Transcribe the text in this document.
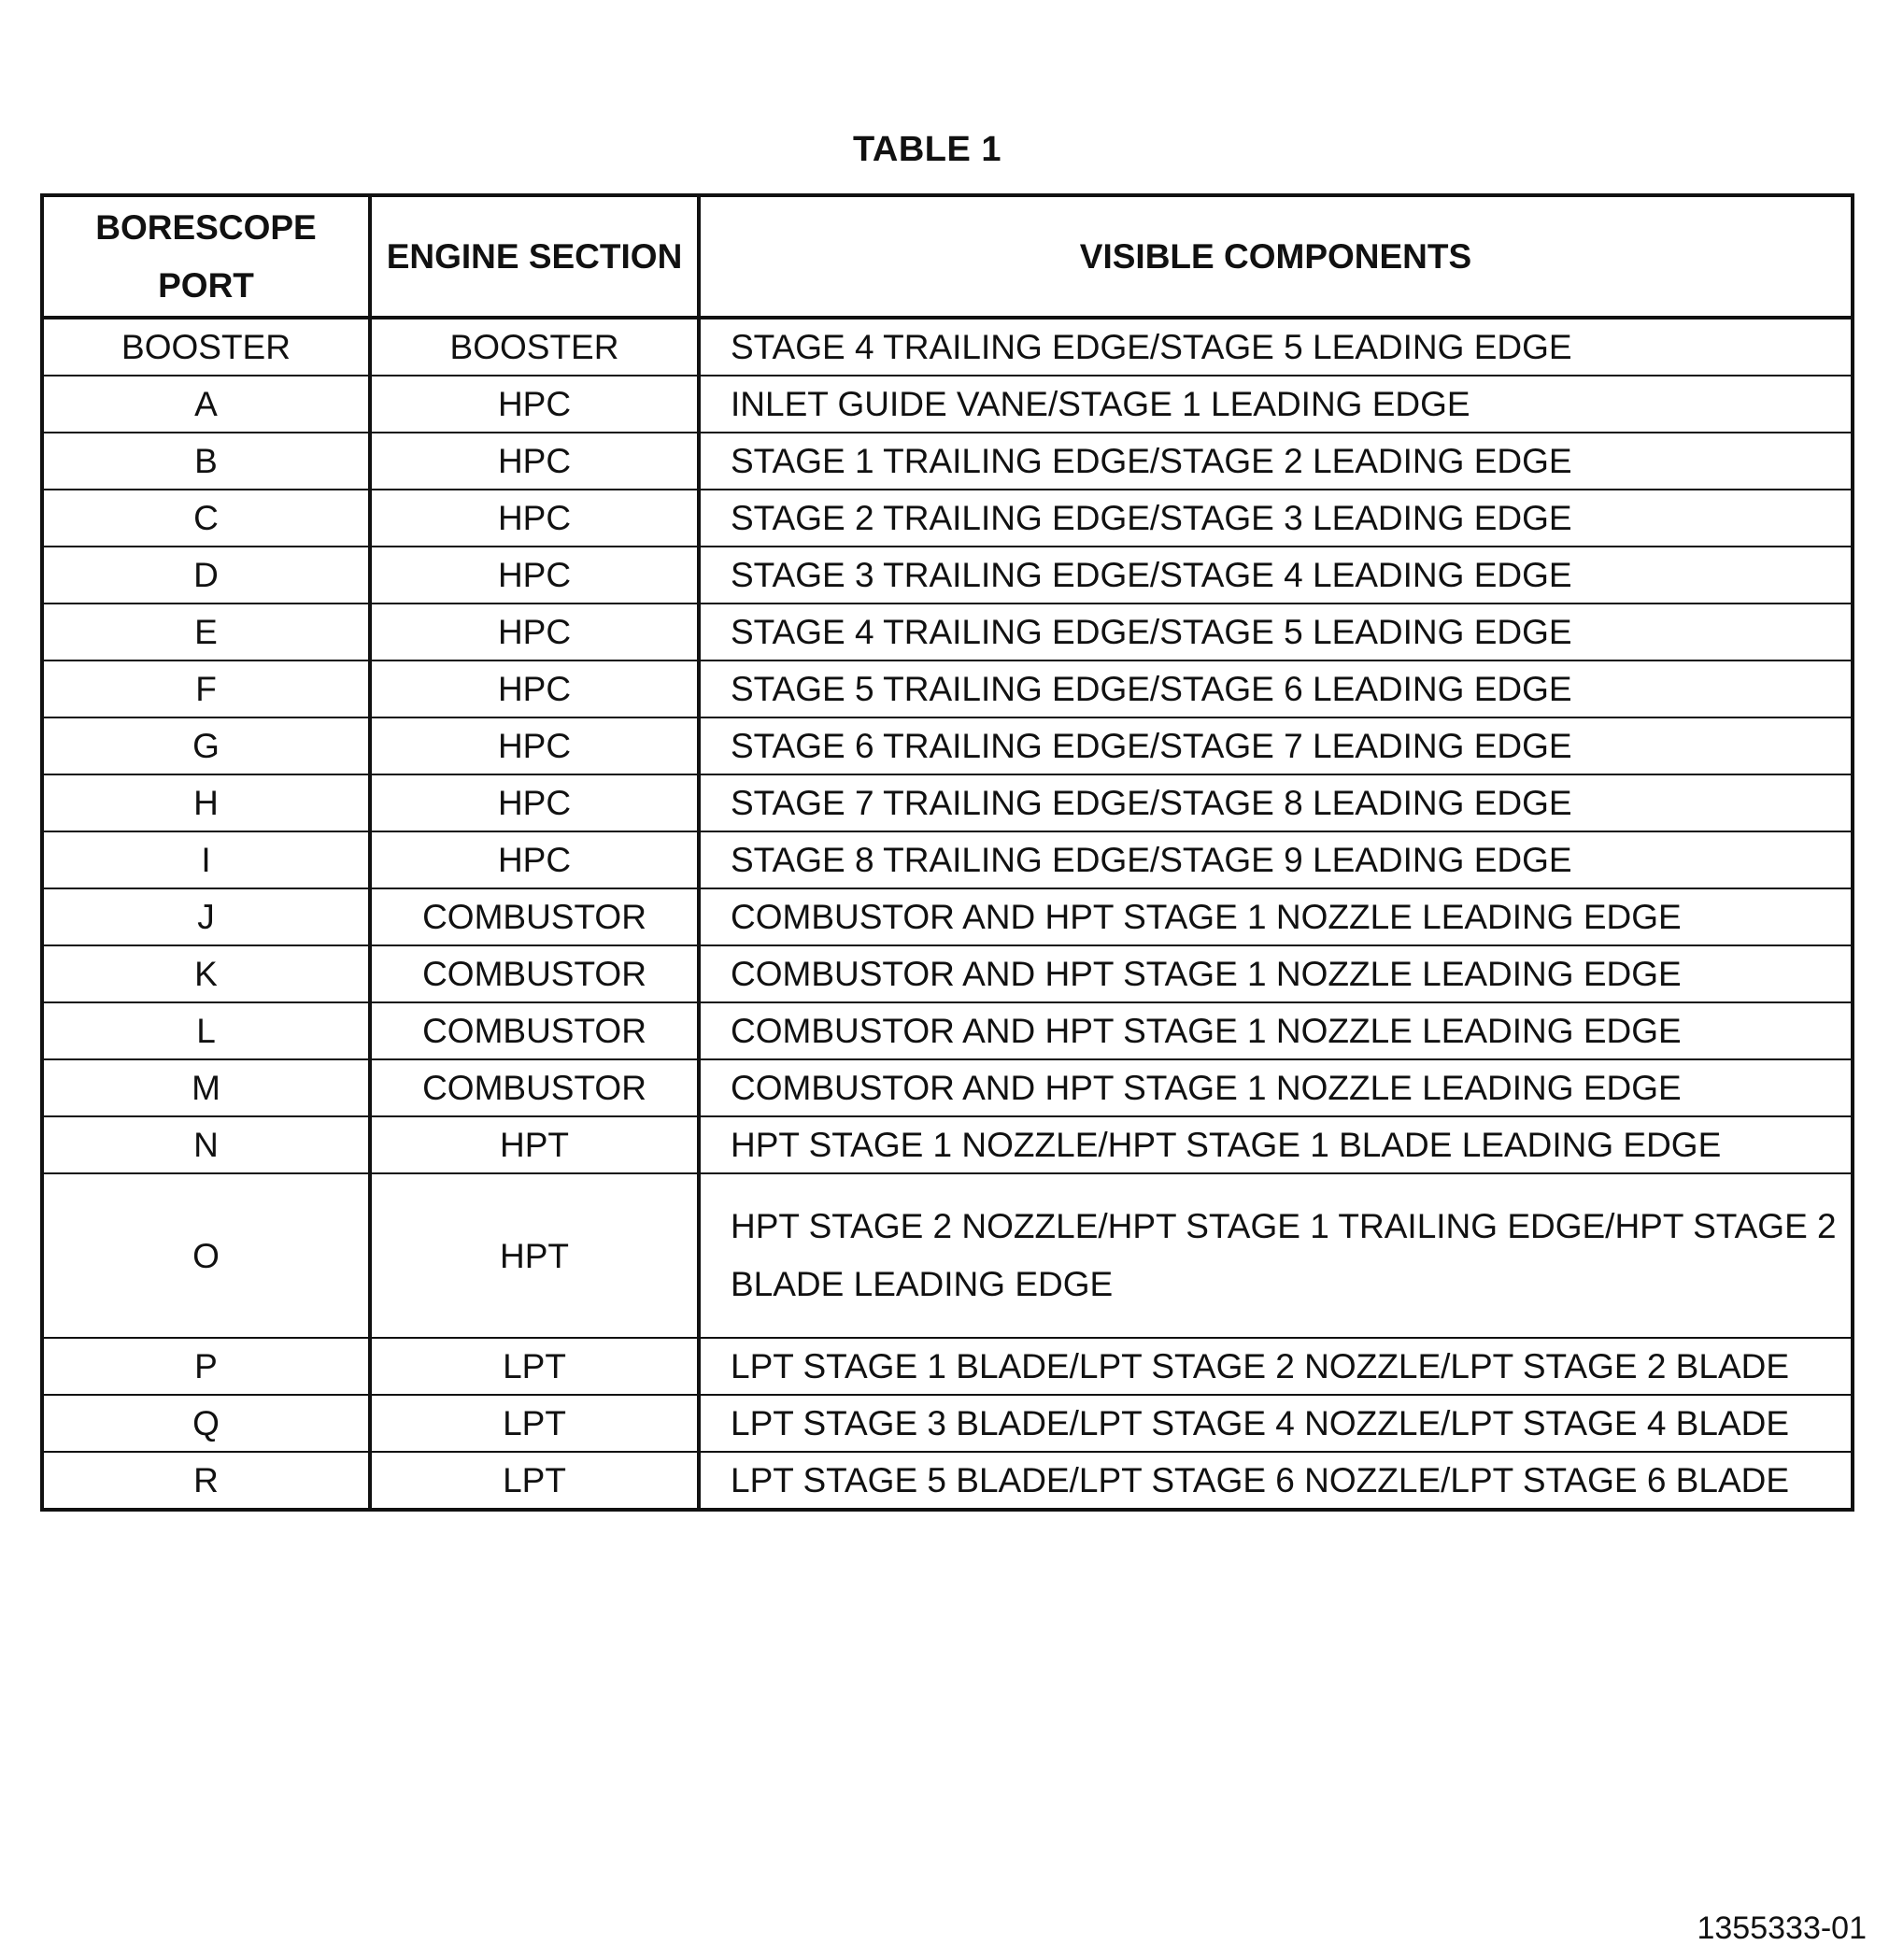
TABLE 1
BORESCOPE PORT	ENGINE SECTION	VISIBLE COMPONENTS
BOOSTER	BOOSTER	STAGE 4 TRAILING EDGE/STAGE 5 LEADING EDGE
A	HPC	INLET GUIDE VANE/STAGE 1 LEADING EDGE
B	HPC	STAGE 1 TRAILING EDGE/STAGE 2 LEADING EDGE
C	HPC	STAGE 2 TRAILING EDGE/STAGE 3 LEADING EDGE
D	HPC	STAGE 3 TRAILING EDGE/STAGE 4 LEADING EDGE
E	HPC	STAGE 4 TRAILING EDGE/STAGE 5 LEADING EDGE
F	HPC	STAGE 5 TRAILING EDGE/STAGE 6 LEADING EDGE
G	HPC	STAGE 6 TRAILING EDGE/STAGE 7 LEADING EDGE
H	HPC	STAGE 7 TRAILING EDGE/STAGE 8 LEADING EDGE
I	HPC	STAGE 8 TRAILING EDGE/STAGE 9 LEADING EDGE
J	COMBUSTOR	COMBUSTOR AND HPT STAGE 1 NOZZLE LEADING EDGE
K	COMBUSTOR	COMBUSTOR AND HPT STAGE 1 NOZZLE LEADING EDGE
L	COMBUSTOR	COMBUSTOR AND HPT STAGE 1 NOZZLE LEADING EDGE
M	COMBUSTOR	COMBUSTOR AND HPT STAGE 1 NOZZLE LEADING EDGE
N	HPT	HPT STAGE 1 NOZZLE/HPT STAGE 1 BLADE LEADING EDGE
O	HPT	HPT STAGE 2 NOZZLE/HPT STAGE 1 TRAILING EDGE/HPT STAGE 2 BLADE LEADING EDGE
P	LPT	LPT STAGE 1 BLADE/LPT STAGE 2 NOZZLE/LPT STAGE 2 BLADE
Q	LPT	LPT STAGE 3 BLADE/LPT STAGE 4 NOZZLE/LPT STAGE 4 BLADE
R	LPT	LPT STAGE 5 BLADE/LPT STAGE 6 NOZZLE/LPT STAGE 6 BLADE
1355333-01
